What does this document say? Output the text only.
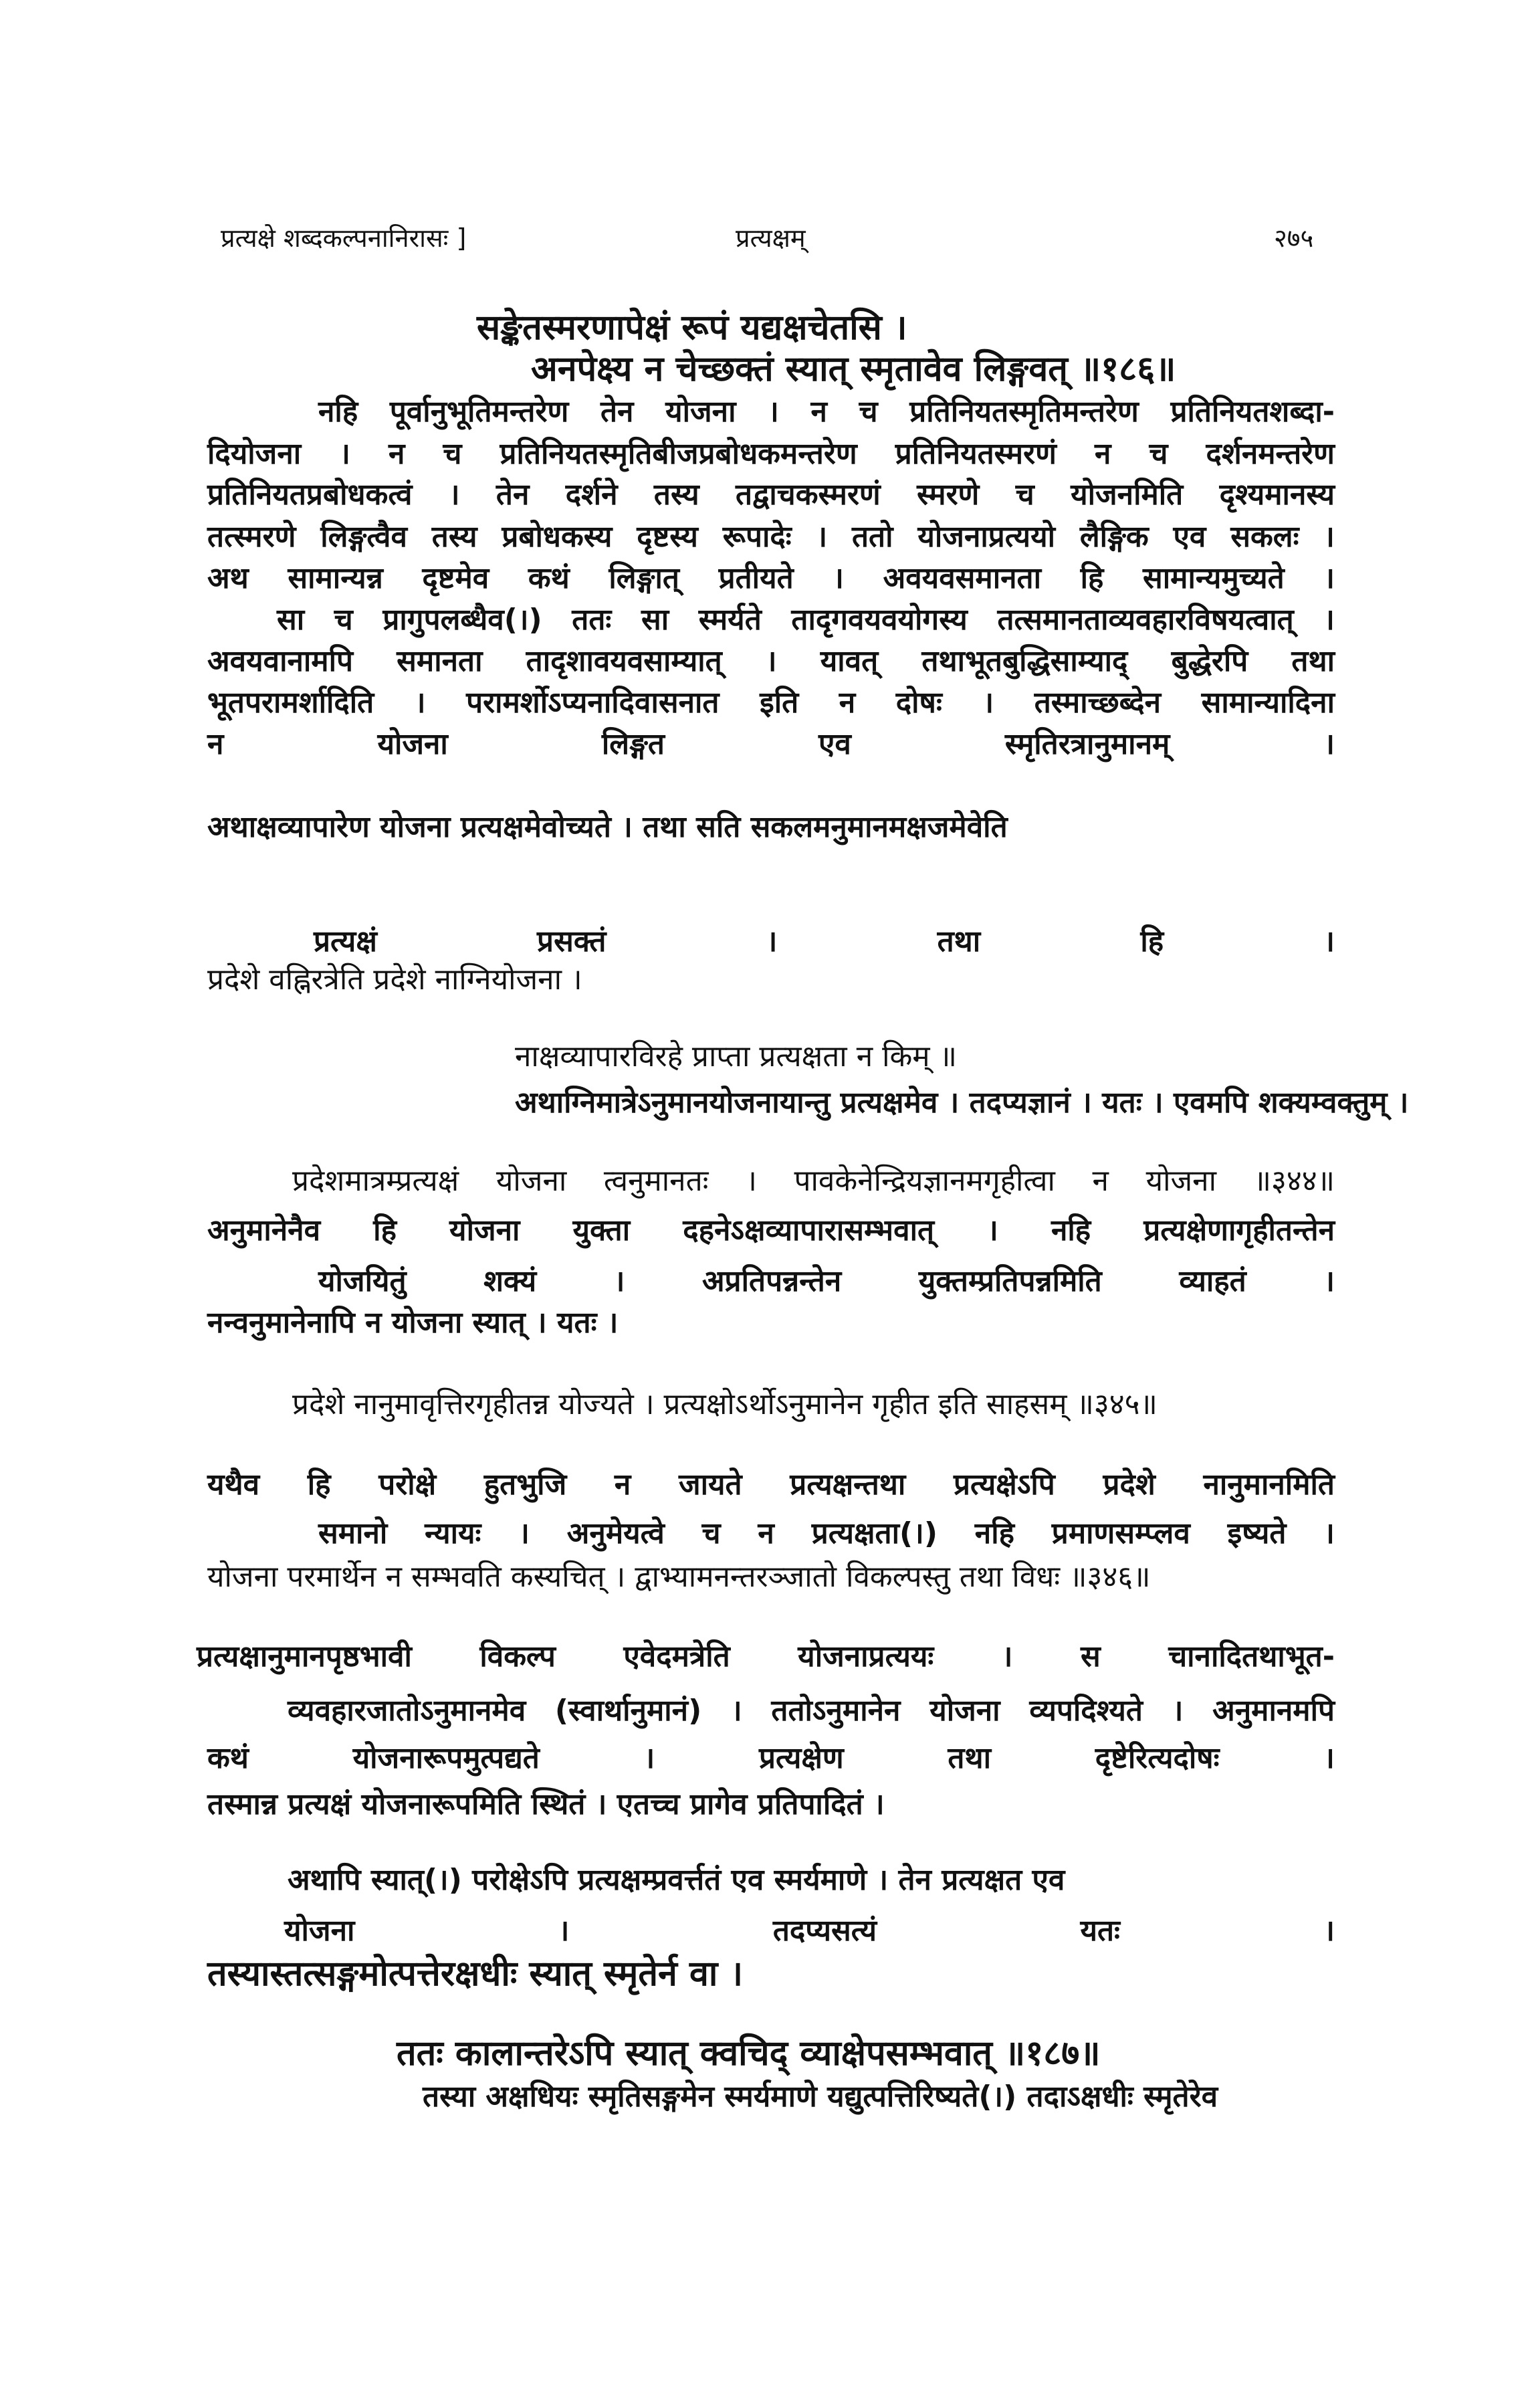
प्रत्यक्षे शब्दकल्पनानिरासः ]	प्रत्यक्षम्	२७५
सङ्केतस्मरणापेक्षं रूपं यद्यक्षचेतसि ।
अनपेक्ष्य न चेच्छक्तं स्यात् स्मृतावेव लिङ्गवत् ॥१८६॥
नहि पूर्वानुभूतिमन्तरेण तेन योजना । न च प्रतिनियतस्मृतिमन्तरेण प्रतिनियतशब्दा-
दियोजना । न च प्रतिनियतस्मृतिबीजप्रबोधकमन्तरेण प्रतिनियतस्मरणं न च दर्शनमन्तरेण
प्रतिनियतप्रबोधकत्वं । तेन दर्शने तस्य तद्वाचकस्मरणं स्मरणे च योजनमिति दृश्यमानस्य
तत्स्मरणे लिङ्गत्वैव तस्य प्रबोधकस्य दृष्टस्य रूपादेः । ततो योजनाप्रत्ययो लैङ्गिक एव सकलः ।
अथ सामान्यन्न दृष्टमेव कथं लिङ्गात् प्रतीयते । अवयवसमानता हि सामान्यमुच्यते ।
सा च प्रागुपलब्धैव(।) ततः सा स्मर्यते तादृगवयवयोगस्य तत्समानताव्यवहारविषयत्वात् ।
अवयवानामपि समानता तादृशावयवसाम्यात् । यावत् तथाभूतबुद्धिसाम्याद् बुद्धेरपि तथा
भूतपरामर्शादिति । परामर्शोऽप्यनादिवासनात इति न दोषः । तस्माच्छब्देन सामान्यादिना
न योजना लिङ्गत एव स्मृतिरत्रानुमानम् ।
अथाक्षव्यापारेण योजना प्रत्यक्षमेवोच्यते । तथा सति सकलमनुमानमक्षजमेवेति
प्रत्यक्षं प्रसक्तं । तथा हि ।
प्रदेशे वह्निरत्रेति प्रदेशे नाग्नियोजना ।
नाक्षव्यापारविरहे प्राप्ता प्रत्यक्षता न किम् ॥
अथाग्निमात्रेऽनुमानयोजनायान्तु प्रत्यक्षमेव । तदप्यज्ञानं । यतः । एवमपि शक्यम्वक्तुम् ।
प्रदेशमात्रम्प्रत्यक्षं योजना त्वनुमानतः । पावकेनेन्द्रियज्ञानमगृहीत्वा न योजना ॥३४४॥
अनुमानेनैव हि योजना युक्ता दहनेऽक्षव्यापारासम्भवात् । नहि प्रत्यक्षेणागृहीतन्तेन
योजयितुं शक्यं । अप्रतिपन्नन्तेन युक्तम्प्रतिपन्नमिति व्याहतं ।
नन्वनुमानेनापि न योजना स्यात् । यतः ।
प्रदेशे नानुमावृत्तिरगृहीतन्न योज्यते । प्रत्यक्षोऽर्थोऽनुमानेन गृहीत इति साहसम् ॥३४५॥
यथैव हि परोक्षे हुतभुजि न जायते प्रत्यक्षन्तथा प्रत्यक्षेऽपि प्रदेशे नानुमानमिति
समानो न्यायः । अनुमेयत्वे च न प्रत्यक्षता(।) नहि प्रमाणसम्प्लव इष्यते ।
योजना परमार्थेन न सम्भवति कस्यचित् । द्वाभ्यामनन्तरञ्जातो विकल्पस्तु तथा विधः ॥३४६॥
प्रत्यक्षानुमानपृष्ठभावी विकल्प एवेदमत्रेति योजनाप्रत्ययः । स चानादितथाभूत-
व्यवहारजातोऽनुमानमेव (स्वार्थानुमानं) । ततोऽनुमानेन योजना व्यपदिश्यते । अनुमानमपि
कथं योजनारूपमुत्पद्यते । प्रत्यक्षेण तथा दृष्टेरित्यदोषः ।
तस्मान्न प्रत्यक्षं योजनारूपमिति स्थितं । एतच्च प्रागेव प्रतिपादितं ।
अथापि स्यात्(।) परोक्षेऽपि प्रत्यक्षम्प्रवर्त्ततं एव स्मर्यमाणे । तेन प्रत्यक्षत एव
योजना । तदप्यसत्यं यतः ।
तस्यास्तत्सङ्गमोत्पत्तेरक्षधीः स्यात् स्मृतेर्न वा ।
ततः कालान्तरेऽपि स्यात् क्वचिद् व्याक्षेपसम्भवात् ॥१८७॥
तस्या अक्षधियः स्मृतिसङ्गमेन स्मर्यमाणे यद्युत्पत्तिरिष्यते(।) तदाऽक्षधीः स्मृतेरेव
